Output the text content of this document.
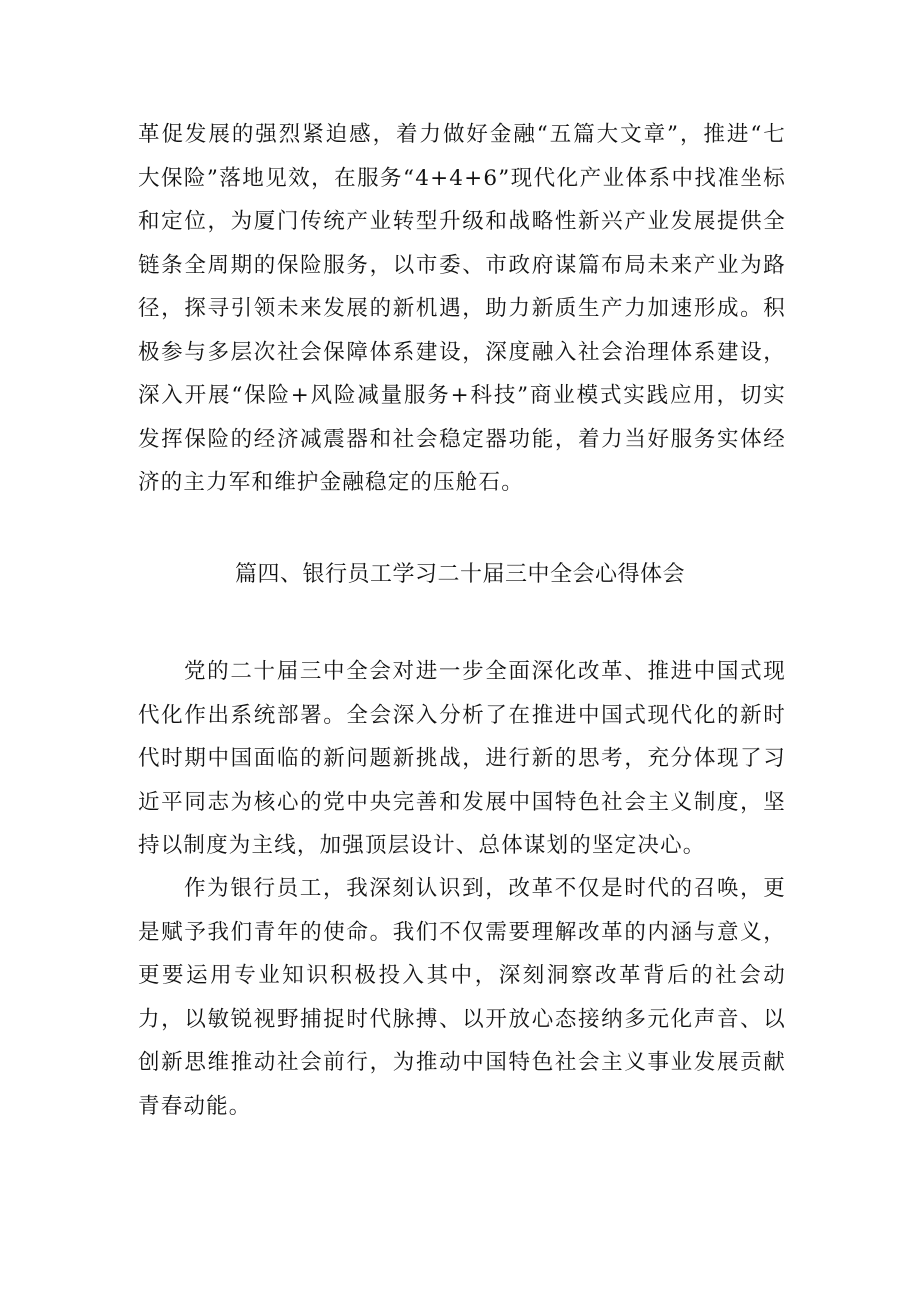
革促发展的强烈紧迫感，着力做好金融“五篇大文章”，推进“七大保险”落地见效，在服务“4+4+6”现代化产业体系中找准坐标和定位，为厦门传统产业转型升级和战略性新兴产业发展提供全链条全周期的保险服务，以市委、市政府谋篇布局未来产业为路径，探寻引领未来发展的新机遇，助力新质生产力加速形成。积极参与多层次社会保障体系建设，深度融入社会治理体系建设，深入开展“保险+风险减量服务+科技”商业模式实践应用，切实发挥保险的经济减震器和社会稳定器功能，着力当好服务实体经济的主力军和维护金融稳定的压舱石。

篇四、银行员工学习二十届三中全会心得体会

党的二十届三中全会对进一步全面深化改革、推进中国式现代化作出系统部署。全会深入分析了在推进中国式现代化的新时代时期中国面临的新问题新挑战，进行新的思考，充分体现了习近平同志为核心的党中央完善和发展中国特色社会主义制度，坚持以制度为主线，加强顶层设计、总体谋划的坚定决心。

作为银行员工，我深刻认识到，改革不仅是时代的召唤，更是赋予我们青年的使命。我们不仅需要理解改革的内涵与意义，更要运用专业知识积极投入其中，深刻洞察改革背后的社会动力，以敏锐视野捕捉时代脉搏、以开放心态接纳多元化声音、以创新思维推动社会前行，为推动中国特色社会主义事业发展贡献青春动能。
